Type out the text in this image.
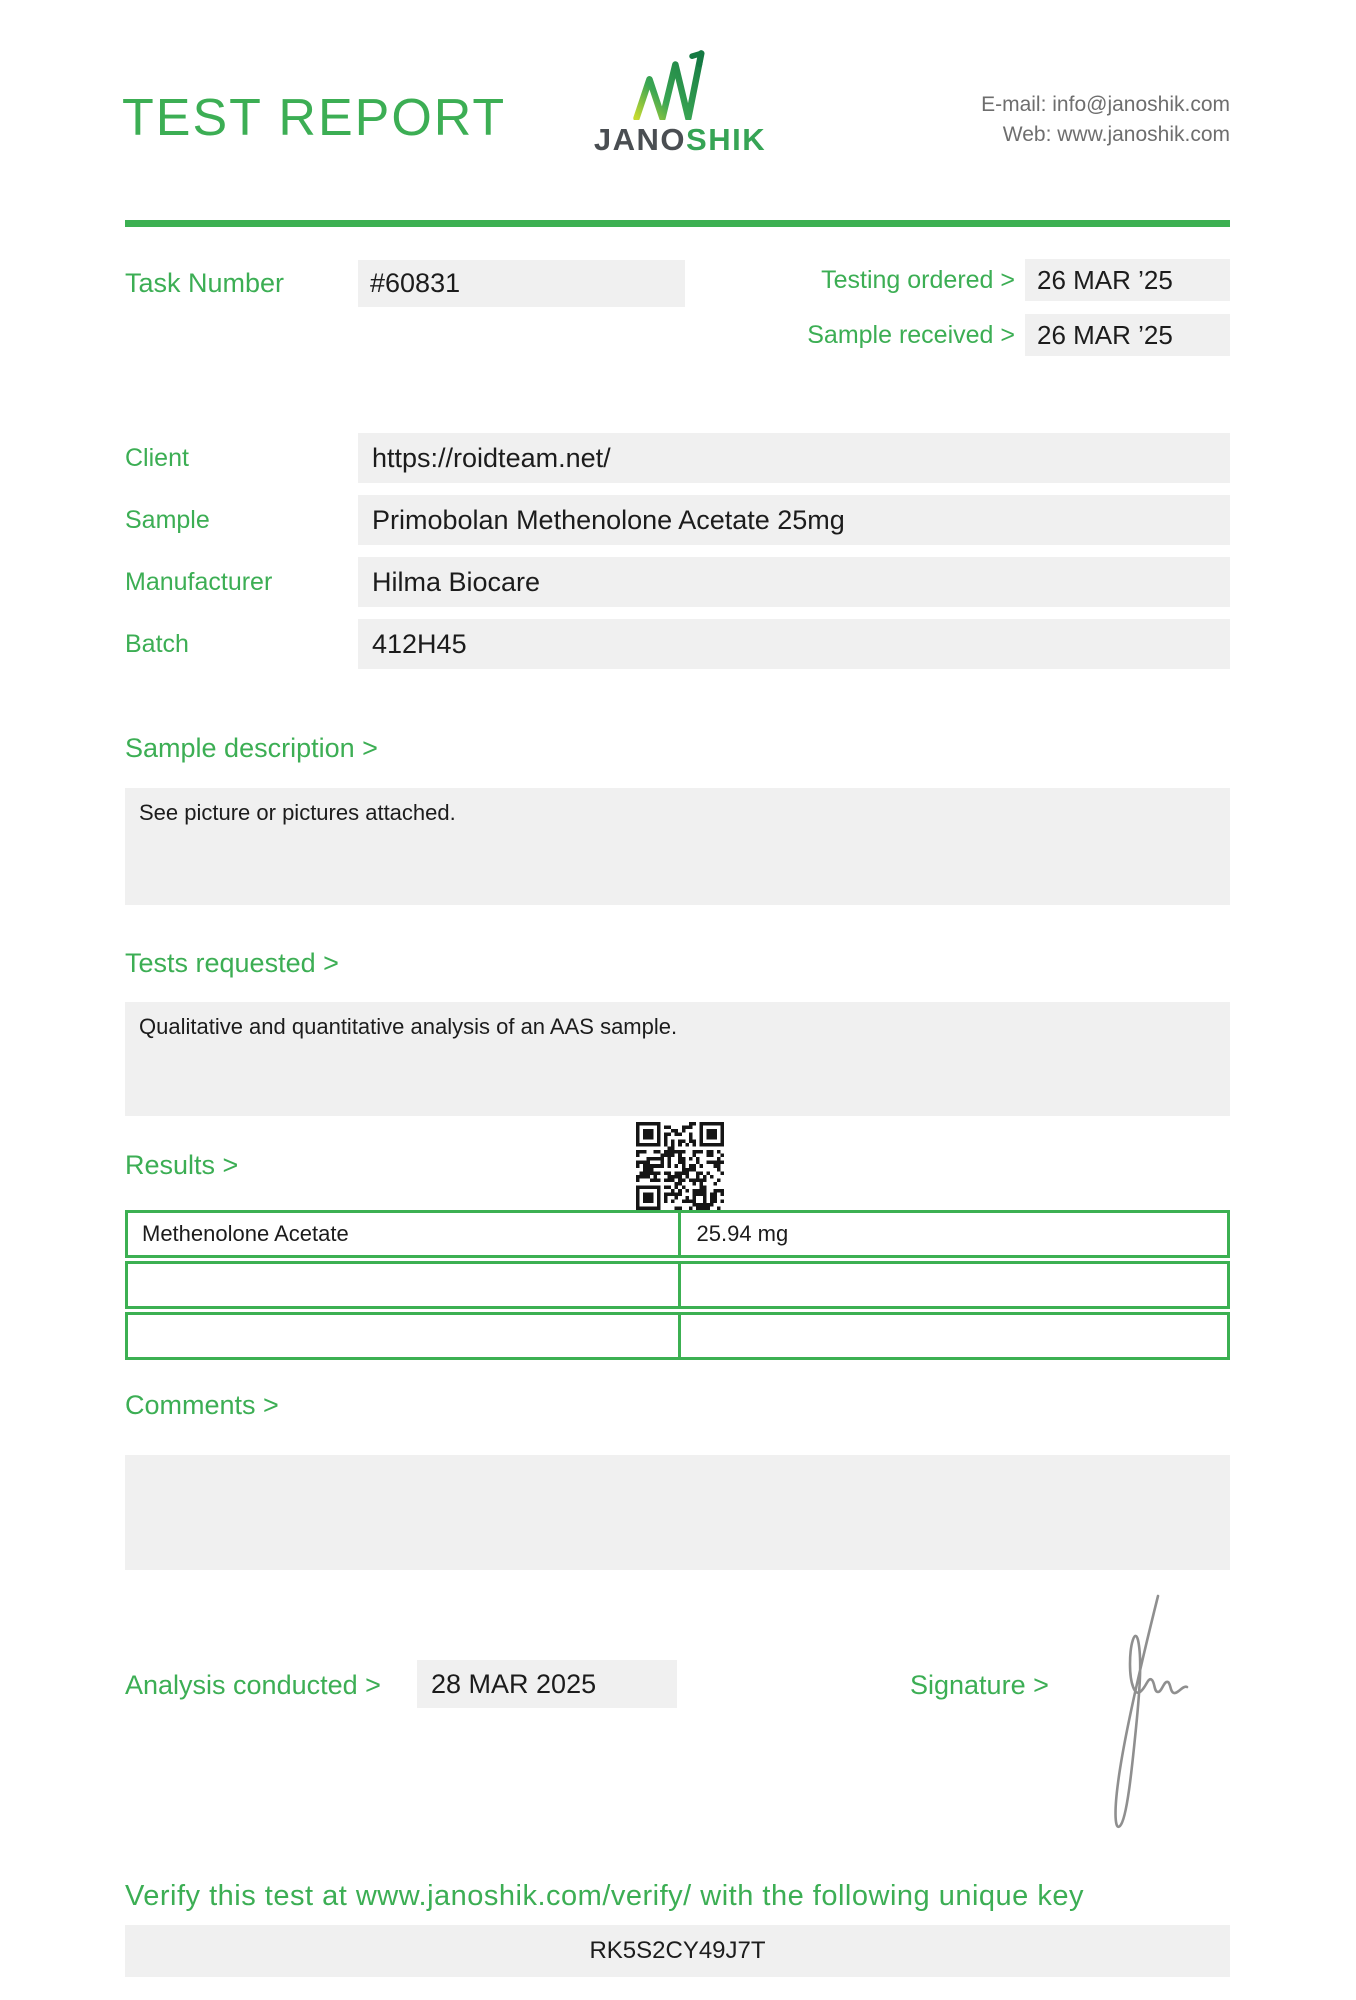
TEST REPORT	JANOSHIK
E-mail: info@janoshik.com
Web: www.janoshik.com
Task Number	#60831	Testing ordered > 26 MAR ’25
Sample received > 26 MAR ’25
Client	https://roidteam.net/
Sample	Primobolan Methenolone Acetate 25mg
Manufacturer	Hilma Biocare
Batch	412H45
Sample description >
See picture or pictures attached.
Tests requested >
Qualitative and quantitative analysis of an AAS sample.
Results >
Methenolone Acetate	25.94 mg
Comments >
Analysis conducted >	28 MAR 2025	Signature >
Verify this test at www.janoshik.com/verify/ with the following unique key
RK5S2CY49J7T
